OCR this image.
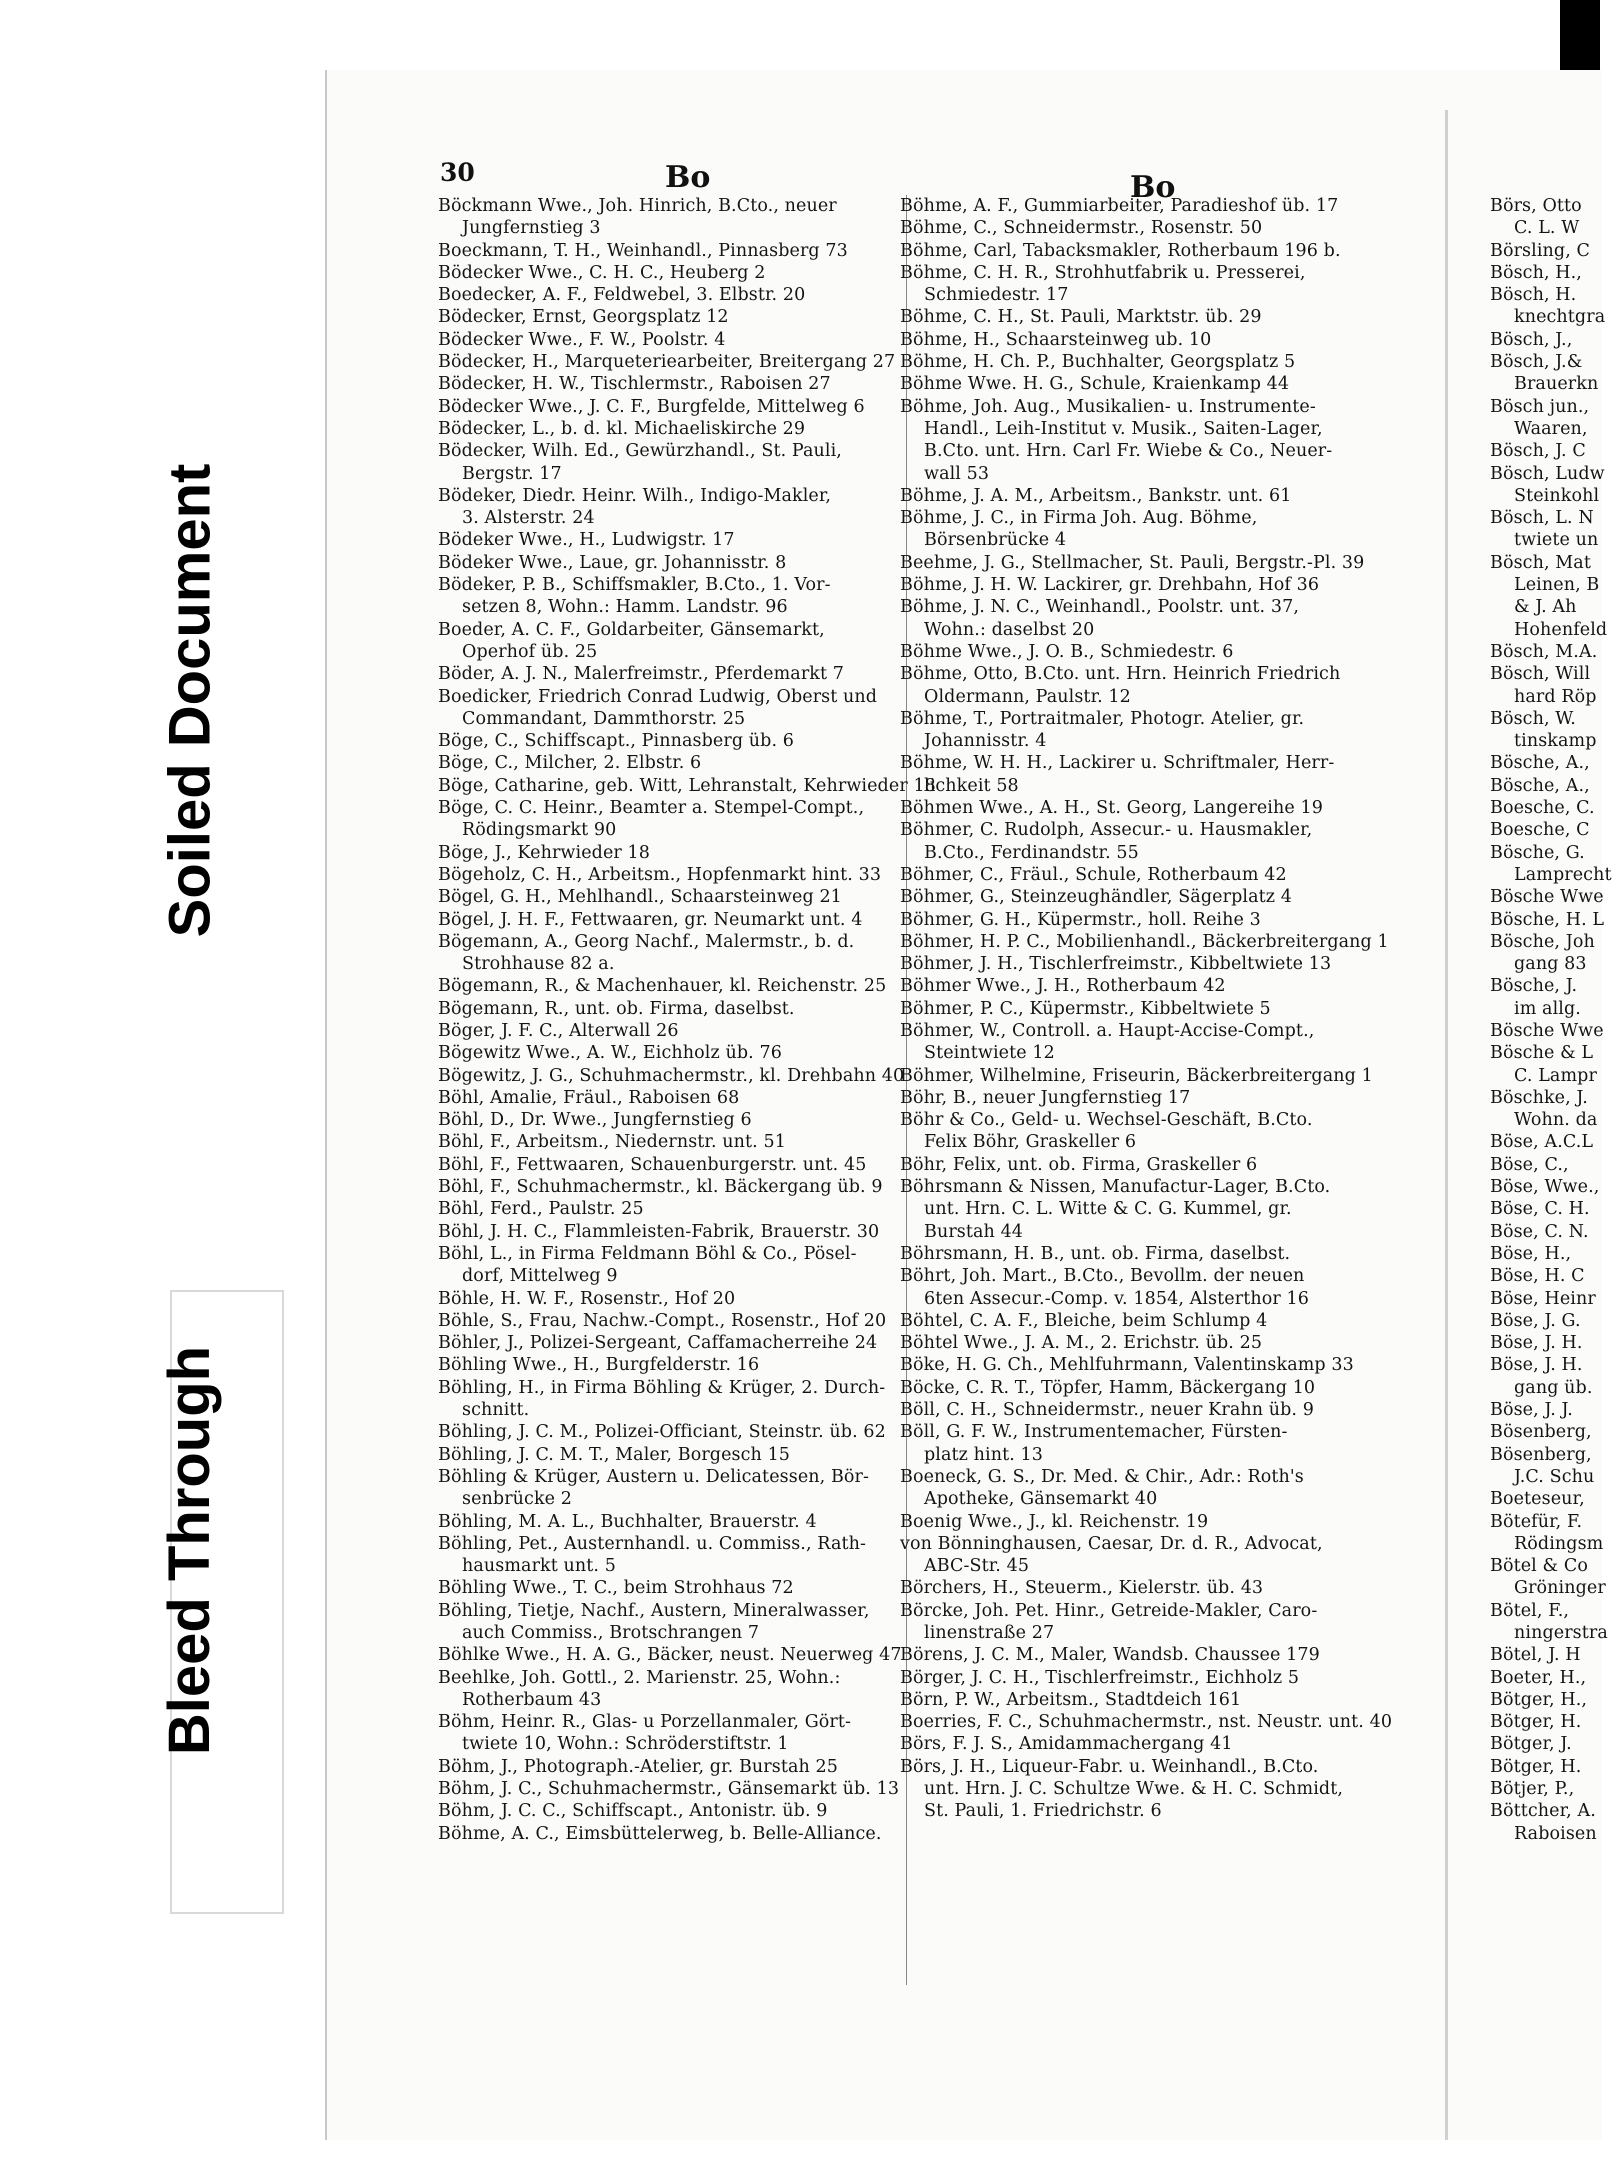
Soiled Document
Bleed Through
30	Bo	Bo
Böckmann Wwe., Joh. Hinrich, B.Cto., neuer
Jungfernstieg 3
Boeckmann, T. H., Weinhandl., Pinnasberg 73
Bödecker Wwe., C. H. C., Heuberg 2
Boedecker, A. F., Feldwebel, 3. Elbstr. 20
Bödecker, Ernst, Georgsplatz 12
Bödecker Wwe., F. W., Poolstr. 4
Bödecker, H., Marqueteriearbeiter, Breitergang 27
Bödecker, H. W., Tischlermstr., Raboisen 27
Bödecker Wwe., J. C. F., Burgfelde, Mittelweg 6
Bödecker, L., b. d. kl. Michaeliskirche 29
Bödecker, Wilh. Ed., Gewürzhandl., St. Pauli,
Bergstr. 17
Bödeker, Diedr. Heinr. Wilh., Indigo-Makler,
3. Alsterstr. 24
Bödeker Wwe., H., Ludwigstr. 17
Bödeker Wwe., Laue, gr. Johannisstr. 8
Bödeker, P. B., Schiffsmakler, B.Cto., 1. Vor-
setzen 8, Wohn.: Hamm. Landstr. 96
Boeder, A. C. F., Goldarbeiter, Gänsemarkt,
Operhof üb. 25
Böder, A. J. N., Malerfreimstr., Pferdemarkt 7
Boedicker, Friedrich Conrad Ludwig, Oberst und
Commandant, Dammthorstr. 25
Böge, C., Schiffscapt., Pinnasberg üb. 6
Böge, C., Milcher, 2. Elbstr. 6
Böge, Catharine, geb. Witt, Lehranstalt, Kehrwieder 18
Böge, C. C. Heinr., Beamter a. Stempel-Compt.,
Rödingsmarkt 90
Böge, J., Kehrwieder 18
Bögeholz, C. H., Arbeitsm., Hopfenmarkt hint. 33
Bögel, G. H., Mehlhandl., Schaarsteinweg 21
Bögel, J. H. F., Fettwaaren, gr. Neumarkt unt. 4
Bögemann, A., Georg Nachf., Malermstr., b. d.
Strohhause 82 a.
Bögemann, R., & Machenhauer, kl. Reichenstr. 25
Bögemann, R., unt. ob. Firma, daselbst.
Böger, J. F. C., Alterwall 26
Bögewitz Wwe., A. W., Eichholz üb. 76
Bögewitz, J. G., Schuhmachermstr., kl. Drehbahn 40
Böhl, Amalie, Fräul., Raboisen 68
Böhl, D., Dr. Wwe., Jungfernstieg 6
Böhl, F., Arbeitsm., Niedernstr. unt. 51
Böhl, F., Fettwaaren, Schauenburgerstr. unt. 45
Böhl, F., Schuhmachermstr., kl. Bäckergang üb. 9
Böhl, Ferd., Paulstr. 25
Böhl, J. H. C., Flammleisten-Fabrik, Brauerstr. 30
Böhl, L., in Firma Feldmann Böhl & Co., Pösel-
dorf, Mittelweg 9
Böhle, H. W. F., Rosenstr., Hof 20
Böhle, S., Frau, Nachw.-Compt., Rosenstr., Hof 20
Böhler, J., Polizei-Sergeant, Caffamacherreihe 24
Böhling Wwe., H., Burgfelderstr. 16
Böhling, H., in Firma Böhling & Krüger, 2. Durch-
schnitt.
Böhling, J. C. M., Polizei-Officiant, Steinstr. üb. 62
Böhling, J. C. M. T., Maler, Borgesch 15
Böhling & Krüger, Austern u. Delicatessen, Bör-
senbrücke 2
Böhling, M. A. L., Buchhalter, Brauerstr. 4
Böhling, Pet., Austernhandl. u. Commiss., Rath-
hausmarkt unt. 5
Böhling Wwe., T. C., beim Strohhaus 72
Böhling, Tietje, Nachf., Austern, Mineralwasser,
auch Commiss., Brotschrangen 7
Böhlke Wwe., H. A. G., Bäcker, neust. Neuerweg 47
Beehlke, Joh. Gottl., 2. Marienstr. 25, Wohn.:
Rotherbaum 43
Böhm, Heinr. R., Glas- u Porzellanmaler, Gört-
twiete 10, Wohn.: Schröderstiftstr. 1
Böhm, J., Photograph.-Atelier, gr. Burstah 25
Böhm, J. C., Schuhmachermstr., Gänsemarkt üb. 13
Böhm, J. C. C., Schiffscapt., Antonistr. üb. 9
Böhme, A. C., Eimsbüttelerweg, b. Belle-Alliance.
Böhme, A. F., Gummiarbeiter, Paradieshof üb. 17
Böhme, C., Schneidermstr., Rosenstr. 50
Böhme, Carl, Tabacksmakler, Rotherbaum 196 b.
Böhme, C. H. R., Strohhutfabrik u. Presserei,
Schmiedestr. 17
Böhme, C. H., St. Pauli, Marktstr. üb. 29
Böhme, H., Schaarsteinweg ub. 10
Böhme, H. Ch. P., Buchhalter, Georgsplatz 5
Böhme Wwe. H. G., Schule, Kraienkamp 44
Böhme, Joh. Aug., Musikalien- u. Instrumente-
Handl., Leih-Institut v. Musik., Saiten-Lager,
B.Cto. unt. Hrn. Carl Fr. Wiebe & Co., Neuer-
wall 53
Böhme, J. A. M., Arbeitsm., Bankstr. unt. 61
Böhme, J. C., in Firma Joh. Aug. Böhme,
Börsenbrücke 4
Beehme, J. G., Stellmacher, St. Pauli, Bergstr.-Pl. 39
Böhme, J. H. W. Lackirer, gr. Drehbahn, Hof 36
Böhme, J. N. C., Weinhandl., Poolstr. unt. 37,
Wohn.: daselbst 20
Böhme Wwe., J. O. B., Schmiedestr. 6
Böhme, Otto, B.Cto. unt. Hrn. Heinrich Friedrich
Oldermann, Paulstr. 12
Böhme, T., Portraitmaler, Photogr. Atelier, gr.
Johannisstr. 4
Böhme, W. H. H., Lackirer u. Schriftmaler, Herr-
lichkeit 58
Böhmen Wwe., A. H., St. Georg, Langereihe 19
Böhmer, C. Rudolph, Assecur.- u. Hausmakler,
B.Cto., Ferdinandstr. 55
Böhmer, C., Fräul., Schule, Rotherbaum 42
Böhmer, G., Steinzeughändler, Sägerplatz 4
Böhmer, G. H., Küpermstr., holl. Reihe 3
Böhmer, H. P. C., Mobilienhandl., Bäckerbreitergang 1
Böhmer, J. H., Tischlerfreimstr., Kibbeltwiete 13
Böhmer Wwe., J. H., Rotherbaum 42
Böhmer, P. C., Küpermstr., Kibbeltwiete 5
Böhmer, W., Controll. a. Haupt-Accise-Compt.,
Steintwiete 12
Böhmer, Wilhelmine, Friseurin, Bäckerbreitergang 1
Böhr, B., neuer Jungfernstieg 17
Böhr & Co., Geld- u. Wechsel-Geschäft, B.Cto.
Felix Böhr, Graskeller 6
Böhr, Felix, unt. ob. Firma, Graskeller 6
Böhrsmann & Nissen, Manufactur-Lager, B.Cto.
unt. Hrn. C. L. Witte & C. G. Kummel, gr.
Burstah 44
Böhrsmann, H. B., unt. ob. Firma, daselbst.
Böhrt, Joh. Mart., B.Cto., Bevollm. der neuen
6ten Assecur.-Comp. v. 1854, Alsterthor 16
Böhtel, C. A. F., Bleiche, beim Schlump 4
Böhtel Wwe., J. A. M., 2. Erichstr. üb. 25
Böke, H. G. Ch., Mehlfuhrmann, Valentinskamp 33
Böcke, C. R. T., Töpfer, Hamm, Bäckergang 10
Böll, C. H., Schneidermstr., neuer Krahn üb. 9
Böll, G. F. W., Instrumentemacher, Fürsten-
platz hint. 13
Boeneck, G. S., Dr. Med. & Chir., Adr.: Roth's
Apotheke, Gänsemarkt 40
Boenig Wwe., J., kl. Reichenstr. 19
von Bönninghausen, Caesar, Dr. d. R., Advocat,
ABC-Str. 45
Börchers, H., Steuerm., Kielerstr. üb. 43
Börcke, Joh. Pet. Hinr., Getreide-Makler, Caro-
linenstraße 27
Börens, J. C. M., Maler, Wandsb. Chaussee 179
Börger, J. C. H., Tischlerfreimstr., Eichholz 5
Börn, P. W., Arbeitsm., Stadtdeich 161
Boerries, F. C., Schuhmachermstr., nst. Neustr. unt. 40
Börs, F. J. S., Amidammachergang 41
Börs, J. H., Liqueur-Fabr. u. Weinhandl., B.Cto.
unt. Hrn. J. C. Schultze Wwe. & H. C. Schmidt,
St. Pauli, 1. Friedrichstr. 6
Börs, Otto
C. L. W
Börsling, C
Bösch, H.,
Bösch, H.
knechtgra
Bösch, J.,
Bösch, J.&
Brauerkn
Bösch jun.,
Waaren,
Bösch, J. C
Bösch, Ludw
Steinkohl
Bösch, L. N
twiete un
Bösch, Mat
Leinen, B
& J. Ah
Hohenfeld
Bösch, M.A.
Bösch, Will
hard Röp
Bösch, W.
tinskamp
Bösche, A.,
Bösche, A.,
Boesche, C.
Boesche, C
Bösche, G.
Lamprecht
Bösche Wwe
Bösche, H. L
Bösche, Joh
gang 83
Bösche, J.
im allg.
Bösche Wwe
Bösche & L
C. Lampr
Böschke, J.
Wohn. da
Böse, A.C.L
Böse, C.,
Böse, Wwe.,
Böse, C. H.
Böse, C. N.
Böse, H.,
Böse, H. C
Böse, Heinr
Böse, J. G.
Böse, J. H.
Böse, J. H.
gang üb.
Böse, J. J.
Bösenberg,
Bösenberg,
J.C. Schu
Boeteseur,
Bötefür, F.
Rödingsm
Bötel & Co
Gröninger
Bötel, F.,
ningerstra
Bötel, J. H
Boeter, H.,
Bötger, H.,
Bötger, H.
Bötger, J.
Bötger, H.
Bötjer, P.,
Böttcher, A.
Raboisen
